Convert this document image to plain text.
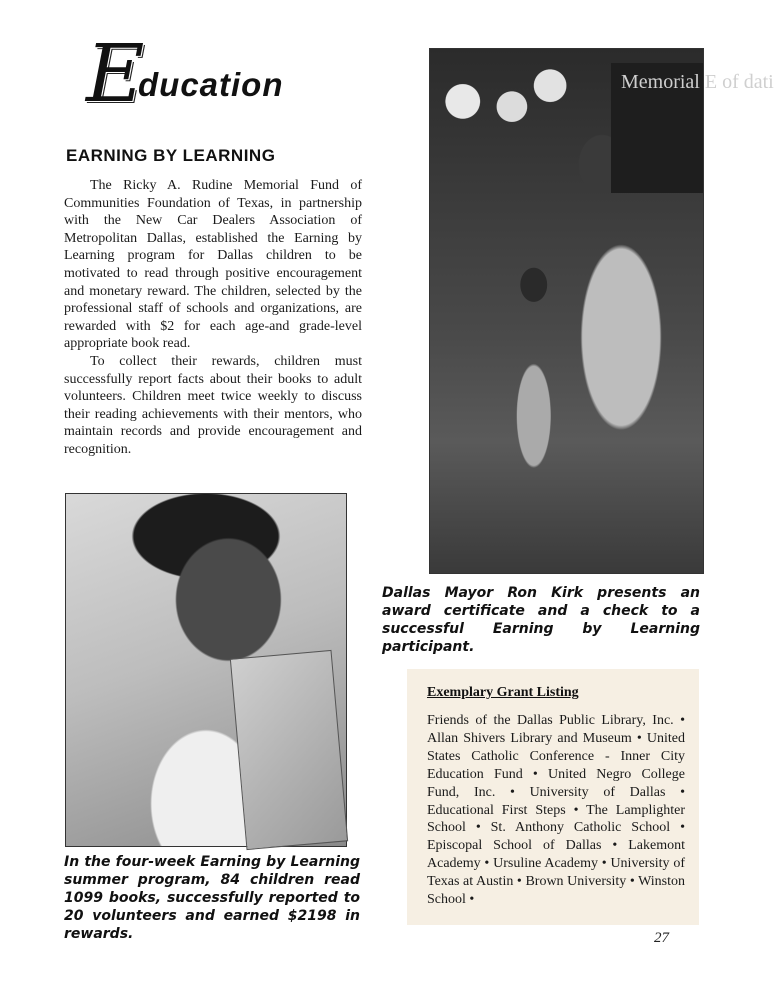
E
ducation
EARNING BY LEARNING

The Ricky A. Rudine Memorial Fund of Communities Foundation of Texas, in partnership with the New Car Dealers Association of Metropolitan Dallas, established the Earning by Learning program for Dallas children to be motivated to read through positive encouragement and monetary reward. The children, selected by the professional staff of schools and organizations, are rewarded with $2 for each age-and grade-level appropriate book read.

To collect their rewards, children must successfully report facts about their books to adult volunteers. Children meet twice weekly to discuss their reading achievements with their mentors, who maintain records and provide encouragement and recognition.

Memorial E of dati
Dallas Mayor Ron Kirk presents an award certificate and a check to a successful Earning by Learning participant.
In the four-week Earning by Learning summer program, 84 children read 1099 books, successfully reported to 20 volunteers and earned $2198 in rewards.
Exemplary Grant Listing

Friends of the Dallas Public Library, Inc. • Allan Shivers Library and Museum • United States Catholic Conference - Inner City Education Fund • United Negro College Fund, Inc. • University of Dallas • Educational First Steps • The Lamplighter School • St. Anthony Catholic School • Episcopal School of Dallas • Lakemont Academy • Ursuline Academy • University of Texas at Austin • Brown University • Winston School •

27
